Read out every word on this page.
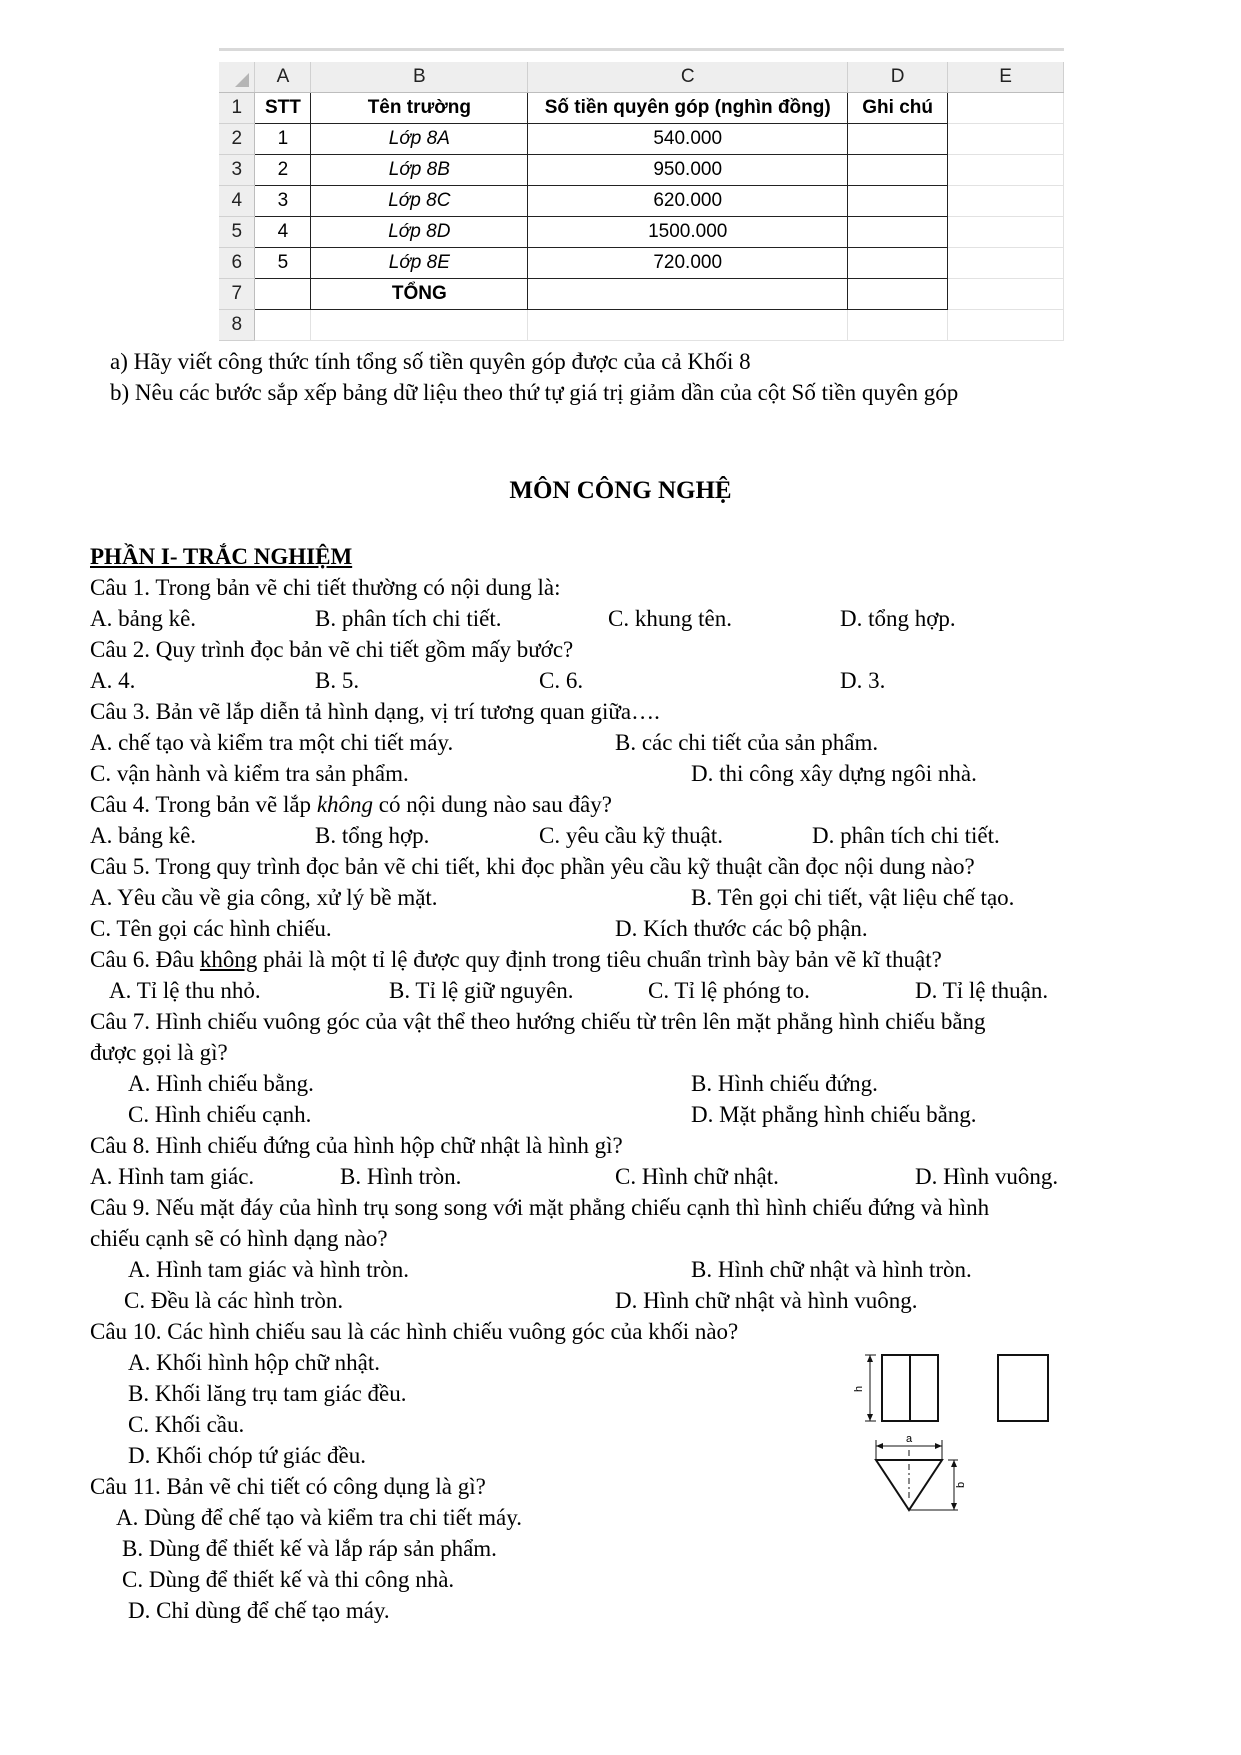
	A	B	C	D	E
1	STT	Tên trường	Số tiền quyên góp (nghìn đồng)	Ghi chú	
2	1	Lớp 8A	540.000		
3	2	Lớp 8B	950.000		
4	3	Lớp 8C	620.000		
5	4	Lớp 8D	1500.000		
6	5	Lớp 8E	720.000		
7		TỔNG			
8					
a) Hãy viết công thức tính tổng số tiền quyên góp được của cả Khối 8
b) Nêu các bước sắp xếp bảng dữ liệu theo thứ tự giá trị giảm dần của cột Số tiền quyên góp
MÔN CÔNG NGHỆ
PHẦN I- TRẮC NGHIỆM
Câu 1. Trong bản vẽ chi tiết thường có nội dung là:
A. bảng kê.	B. phân tích chi tiết.	C. khung tên.	D. tổng hợp.
Câu 2. Quy trình đọc bản vẽ chi tiết gồm mấy bước?
A. 4.	B. 5.	C. 6.	D. 3.
Câu 3. Bản vẽ lắp diễn tả hình dạng, vị trí tương quan giữa….
A. chế tạo và kiểm tra một chi tiết máy.	B. các chi tiết của sản phẩm.
C. vận hành và kiểm tra sản phẩm.	D. thi công xây dựng ngôi nhà.
Câu 4. Trong bản vẽ lắp không có nội dung nào sau đây?
A. bảng kê.	B. tổng hợp.	C. yêu cầu kỹ thuật.	D. phân tích chi tiết.
Câu 5. Trong quy trình đọc bản vẽ chi tiết, khi đọc phần yêu cầu kỹ thuật cần đọc nội dung nào?
A. Yêu cầu về gia công, xử lý bề mặt.	B. Tên gọi chi tiết, vật liệu chế tạo.
C. Tên gọi các hình chiếu.	D. Kích thước các bộ phận.
Câu 6. Đâu không phải là một tỉ lệ được quy định trong tiêu chuẩn trình bày bản vẽ kĩ thuật?
A. Tỉ lệ thu nhỏ.	B. Tỉ lệ giữ nguyên.	C. Tỉ lệ phóng to.	D. Tỉ lệ thuận.
Câu 7. Hình chiếu vuông góc của vật thể theo hướng chiếu từ trên lên mặt phẳng hình chiếu bằng
được gọi là gì?
A. Hình chiếu bằng.	B. Hình chiếu đứng.
C. Hình chiếu cạnh.	D. Mặt phẳng hình chiếu bằng.
Câu 8. Hình chiếu đứng của hình hộp chữ nhật là hình gì?
A. Hình tam giác.	B. Hình tròn.	C. Hình chữ nhật.	D. Hình vuông.
Câu 9. Nếu mặt đáy của hình trụ song song với mặt phẳng chiếu cạnh thì hình chiếu đứng và hình
chiếu cạnh sẽ có hình dạng nào?
A. Hình tam giác và hình tròn.	B. Hình chữ nhật và hình tròn.
C. Đều là các hình tròn.	D. Hình chữ nhật và hình vuông.
Câu 10. Các hình chiếu sau là các hình chiếu vuông góc của khối nào?
A. Khối hình hộp chữ nhật.
B. Khối lăng trụ tam giác đều.
C. Khối cầu.
D. Khối chóp tứ giác đều.
Câu 11. Bản vẽ chi tiết có công dụng là gì?
A. Dùng để chế tạo và kiểm tra chi tiết máy.
B. Dùng để thiết kế và lắp ráp sản phẩm.
C. Dùng để thiết kế và thi công nhà.
D. Chỉ dùng để chế tạo máy.
h
a
b
